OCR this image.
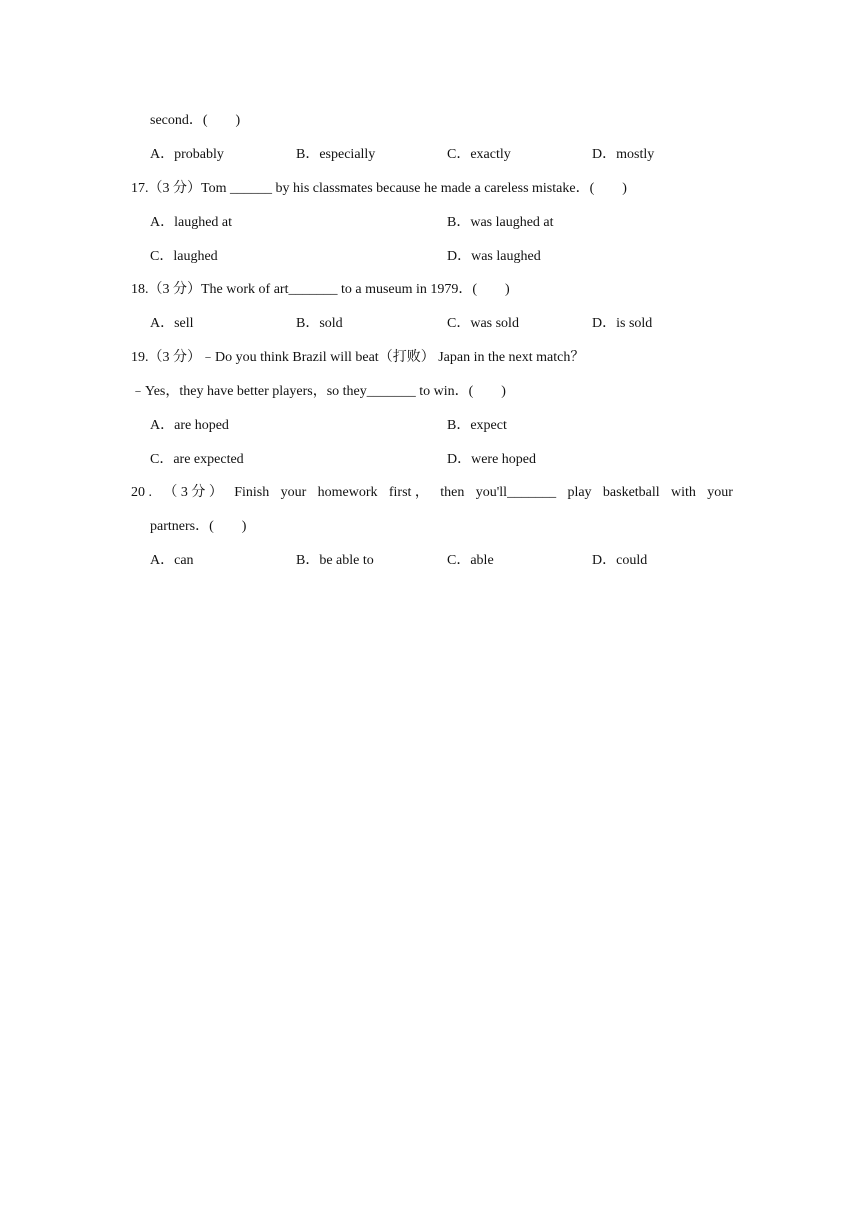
second．(　　)
A．probably	B．especially	C．exactly	D．mostly
17.（3 分）Tom ______ by his classmates because he made a careless mistake．(　　)
A．laughed at	B．was laughed at
C．laughed	D．was laughed
18.（3 分）The work of art_______ to a museum in 1979．(　　)
A．sell	B．sold	C．was sold	D．is sold
19.（3 分）﹣Do you think Brazil will beat（打败） Japan in the next match？
﹣Yes，they have better players，so they_______ to win．(　　)
A．are hoped	B．expect
C．are expected	D．were hoped
20 . （ 3 分 ） Finish your homework first ， then you'll_______ play basketball with your
partners．(　　)
A．can	B．be able to	C．able	D．could
